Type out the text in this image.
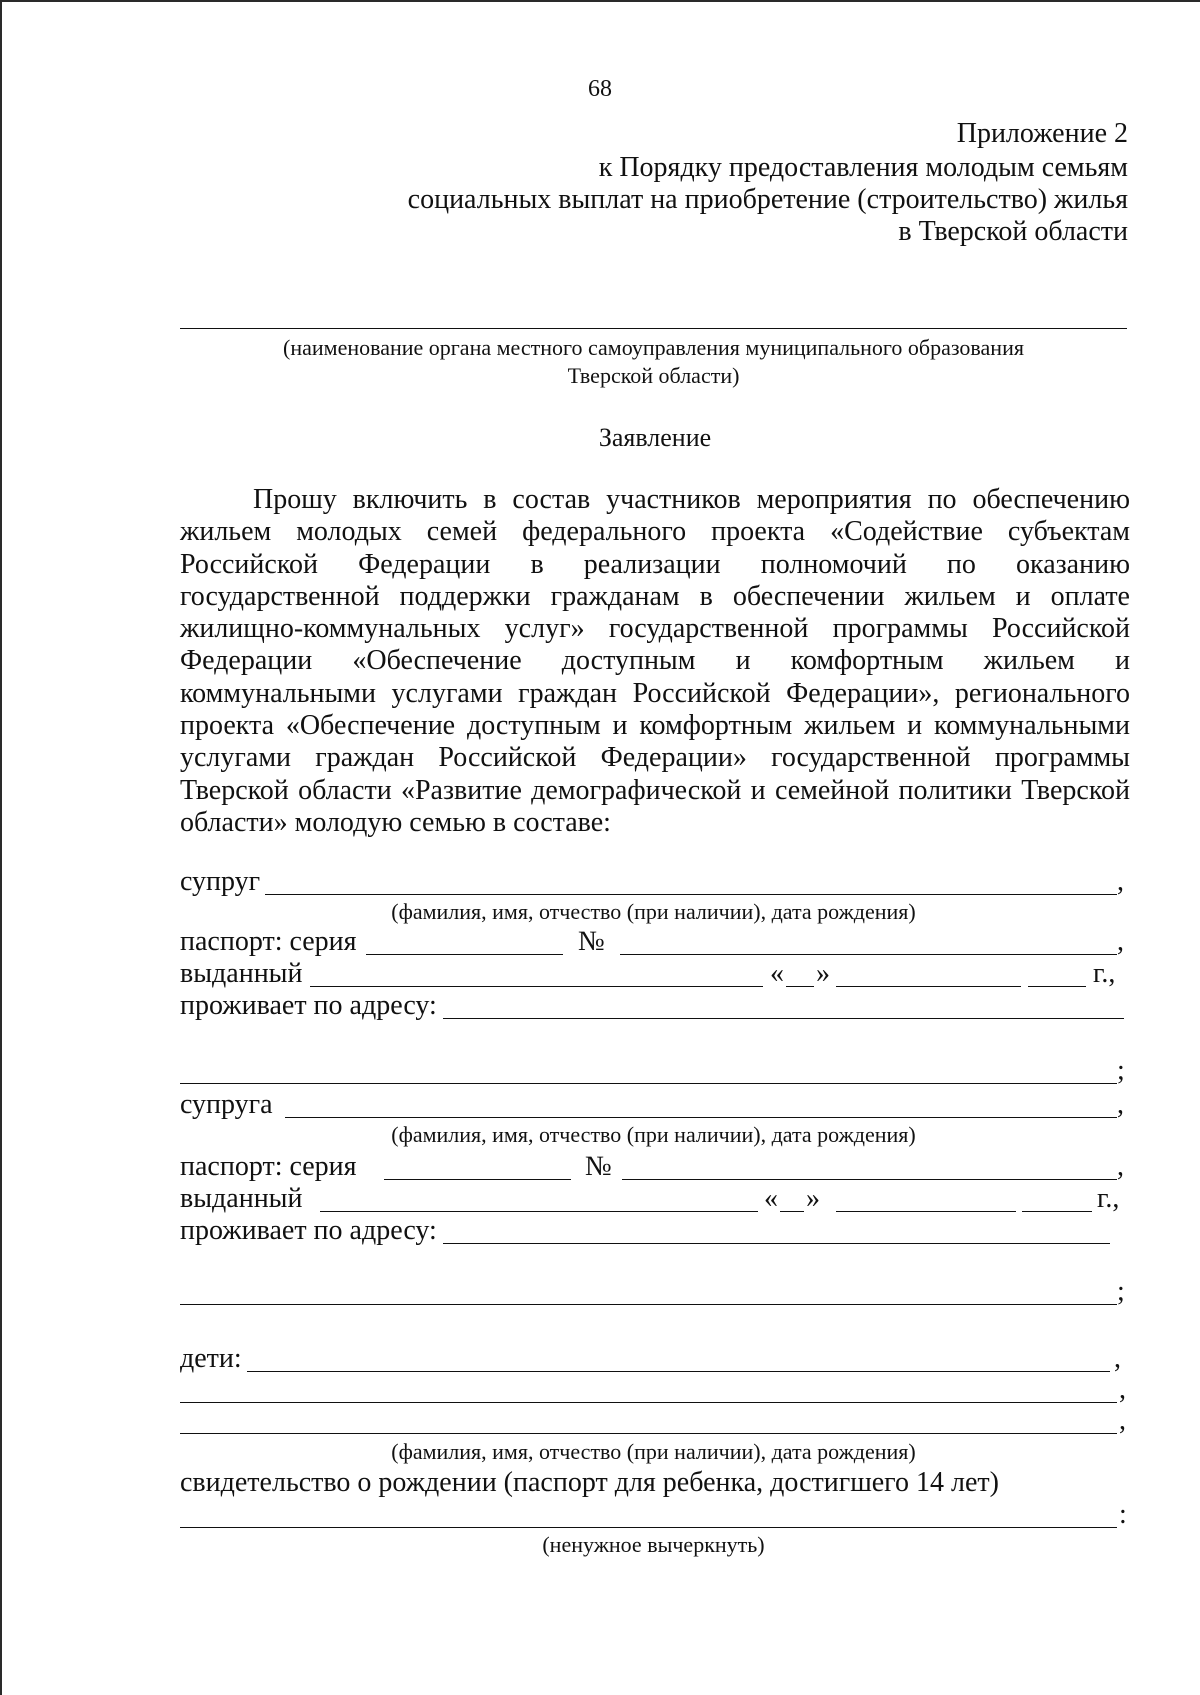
68
Приложение 2
к Порядку предоставления молодым семьям
социальных выплат на приобретение (строительство) жилья
в Тверской области
(наименование органа местного самоуправления муниципального образования
Тверской области)
Заявление
Прошу включить в состав участников мероприятия по обеспечению жильем молодых семей федерального проекта «Содействие субъектам Российской Федерации в реализации полномочий по оказанию государственной поддержки гражданам в обеспечении жильем и оплате жилищно-коммунальных услуг» государственной программы Российской Федерации «Обеспечение доступным и комфортным жильем и коммунальными услугами граждан Российской Федерации», регионального проекта «Обеспечение доступным и комфортным жильем и коммунальными услугами граждан Российской Федерации» государственной программы Тверской области «Развитие демографической и семейной политики Тверской области» молодую семью в составе:
супруг	,
(фамилия, имя, отчество (при наличии), дата рождения)
паспорт: серия	№	,
выданный	« »	г.,
проживает по адресу:
;
супруга	,
(фамилия, имя, отчество (при наличии), дата рождения)
паспорт: серия	№	,
выданный	« »	г.,
проживает по адресу:
;
дети:	,
,
,
(фамилия, имя, отчество (при наличии), дата рождения)
свидетельство о рождении (паспорт для ребенка, достигшего 14 лет)
:
(ненужное вычеркнуть)
